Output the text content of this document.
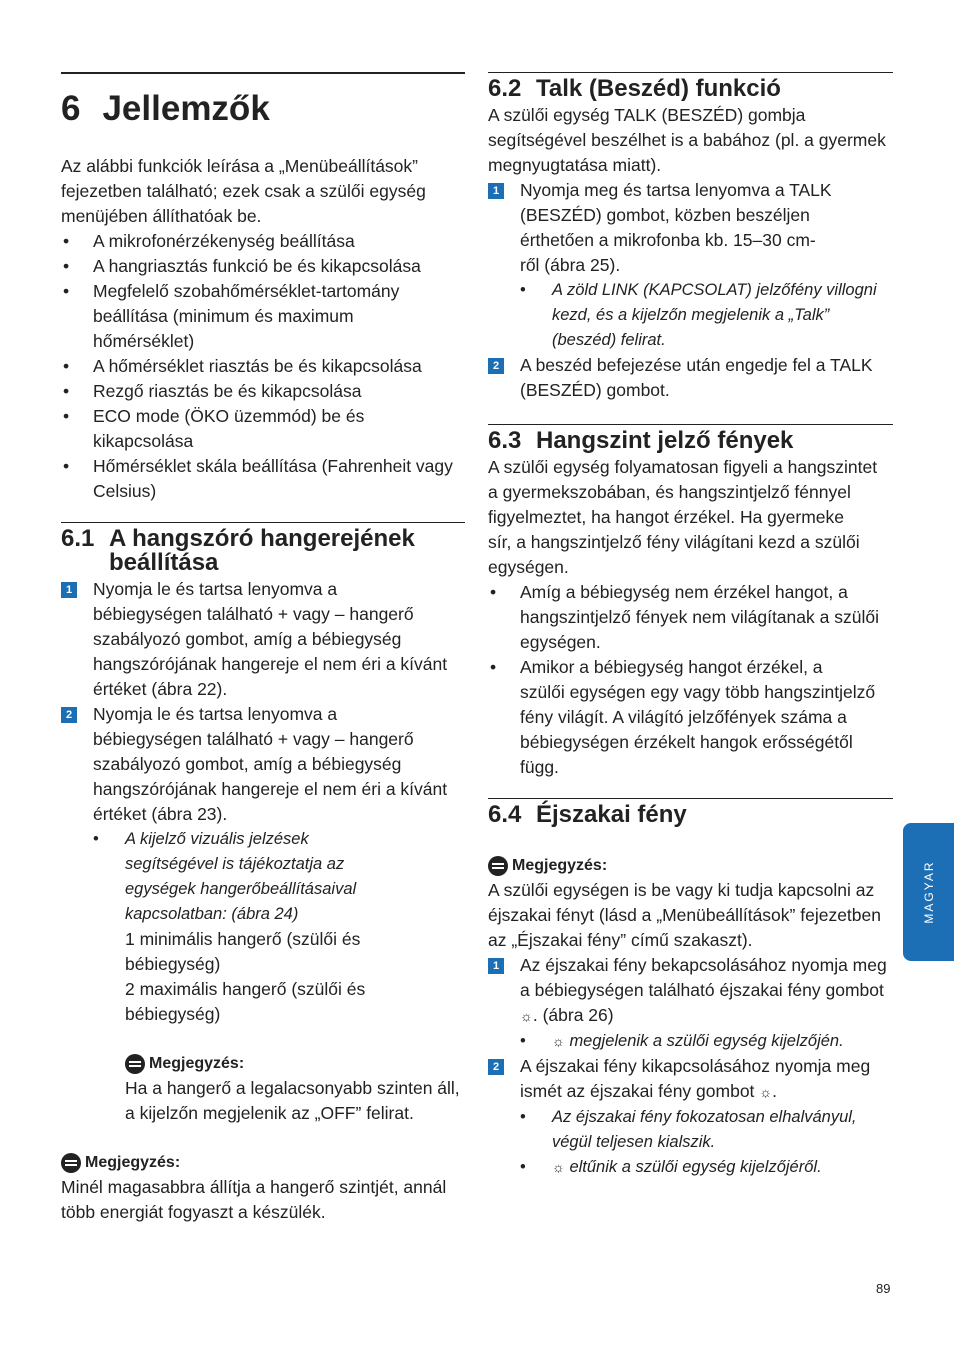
6 Jellemzők
Az alábbi funkciók leírása a „Menübeállítások”
fejezetben található; ezek csak a szülői egység
menüjében állíthatóak be.
• A mikrofonérzékenység beállítása
• A hangriasztás funkció be és kikapcsolása
• Megfelelő szobahőmérséklet-tartomány
beállítása (minimum és maximum
hőmérséklet)
• A hőmérséklet riasztás be és kikapcsolása
• Rezgő riasztás be és kikapcsolása
• ECO mode (ÖKO üzemmód) be és
kikapcsolása
• Hőmérséklet skála beállítása (Fahrenheit vagy
Celsius)
6.1 A hangszóró hangerejének
beállítása
1 Nyomja le és tartsa lenyomva a
bébiegységen található + vagy – hangerő
szabályozó gombot, amíg a bébiegység
hangszórójának hangereje el nem éri a kívánt
értéket (ábra 22).
2 Nyomja le és tartsa lenyomva a
bébiegységen található + vagy – hangerő
szabályozó gombot, amíg a bébiegység
hangszórójának hangereje el nem éri a kívánt
értéket (ábra 23).
• A kijelző vizuális jelzések
segítségével is tájékoztatja az
egységek hangerőbeállításaival
kapcsolatban: (ábra 24)
1 minimális hangerő (szülői és
bébiegység)
2 maximális hangerő (szülői és
bébiegység)
Megjegyzés:
Ha a hangerő a legalacsonyabb szinten áll,
a kijelzőn megjelenik az „OFF” felirat.
Megjegyzés:
Minél magasabbra állítja a hangerő szintjét, annál
több energiát fogyaszt a készülék.
6.2 Talk (Beszéd) funkció
A szülői egység TALK (BESZÉD) gombja
segítségével beszélhet is a babához (pl. a gyermek
megnyugtatása miatt).
1 Nyomja meg és tartsa lenyomva a TALK
(BESZÉD) gombot, közben beszéljen
érthetően a mikrofonba kb. 15–30 cm-
ről (ábra 25).
• A zöld LINK (KAPCSOLAT) jelzőfény villogni
kezd, és a kijelzőn megjelenik a „Talk”
(beszéd) felirat.
2 A beszéd befejezése után engedje fel a TALK
(BESZÉD) gombot.
6.3 Hangszint jelző fények
A szülői egység folyamatosan figyeli a hangszintet
a gyermekszobában, és hangszintjelző fénnyel
figyelmeztet, ha hangot érzékel. Ha gyermeke
sír, a hangszintjelző fény világítani kezd a szülői
egységen.
• Amíg a bébiegység nem érzékel hangot, a
hangszintjelző fények nem világítanak a szülői
egységen.
• Amikor a bébiegység hangot érzékel, a
szülői egységen egy vagy több hangszintjelző
fény világít. A világító jelzőfények száma a
bébiegységen érzékelt hangok erősségétől
függ.
6.4 Éjszakai fény
Megjegyzés:
A szülői egységen is be vagy ki tudja kapcsolni az
éjszakai fényt (lásd a „Menübeállítások” fejezetben
az „Éjszakai fény” című szakaszt).
1 Az éjszakai fény bekapcsolásához nyomja meg
a bébiegységen található éjszakai fény gombot
☼. (ábra 26)
• ☼ megjelenik a szülői egység kijelzőjén.
2 A éjszakai fény kikapcsolásához nyomja meg
ismét az éjszakai fény gombot ☼.
• Az éjszakai fény fokozatosan elhalványul,
végül teljesen kialszik.
• ☼ eltűnik a szülői egység kijelzőjéről.
MAGYAR
89
